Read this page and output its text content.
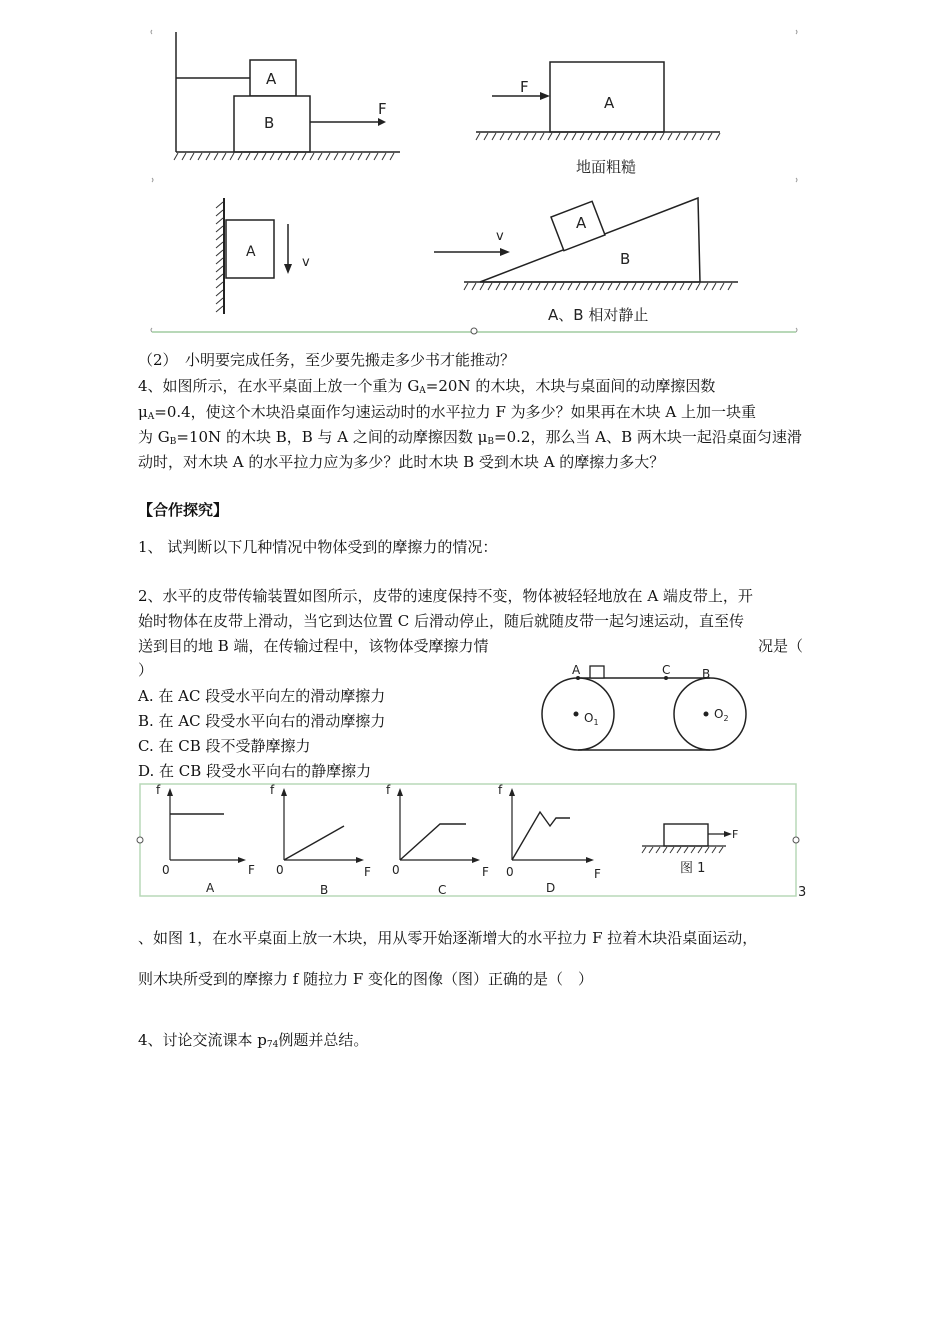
A
B
F
F
A
地面粗糙
A
v
v
A
B
A、B 相对静止
（2）　小明要完成任务，至少要先搬走多少书才能推动？
4、如图所示，在水平桌面上放一个重为 $G_A=20N$ 的木块，木块与桌面间的动摩擦因数
$\mu_A=0.4$，使这个木块沿桌面作匀速运动时的水平拉力 F 为多少？如果再在木块 A 上加一块重
为 $G_B=10N$ 的木块 B，B 与 A 之间的动摩擦因数 $\mu_B=0.2$，那么当 A、B 两木块一起沿桌面匀速滑
动时，对木块 A 的水平拉力应为多少？此时木块 B 受到木块 A 的摩擦力多大？
【合作探究】
1、 试判断以下几种情况中物体受到的摩擦力的情况：
2、水平的皮带传输装置如图所示，皮带的速度保持不变，物体被轻轻地放在 A 端皮带上，开
始时物体在皮带上滑动，当它到达位置 C 后滑动停止，随后就随皮带一起匀速运动，直至传
送到目的地 B 端，在传输过程中，该物体受摩擦力情	况是（
）
A. 在 AC 段受水平向左的滑动摩擦力
B. 在 AC 段受水平向右的滑动摩擦力
C. 在 CB 段不受静摩擦力
D. 在 CB 段受水平向右的静摩擦力
A	C	B
$O_1$
$O_2$
3
f
0	F
A
f
0	F
B
f
0	F
C
f
0	F
D
F
图 1
、如图 1，在水平桌面上放一木块，用从零开始逐渐增大的水平拉力 F 拉着木块沿桌面运动，
则木块所受到的摩擦力 f 随拉力 F 变化的图像（图）正确的是（　）
4、讨论交流课本 $p_{74}$例题并总结。
